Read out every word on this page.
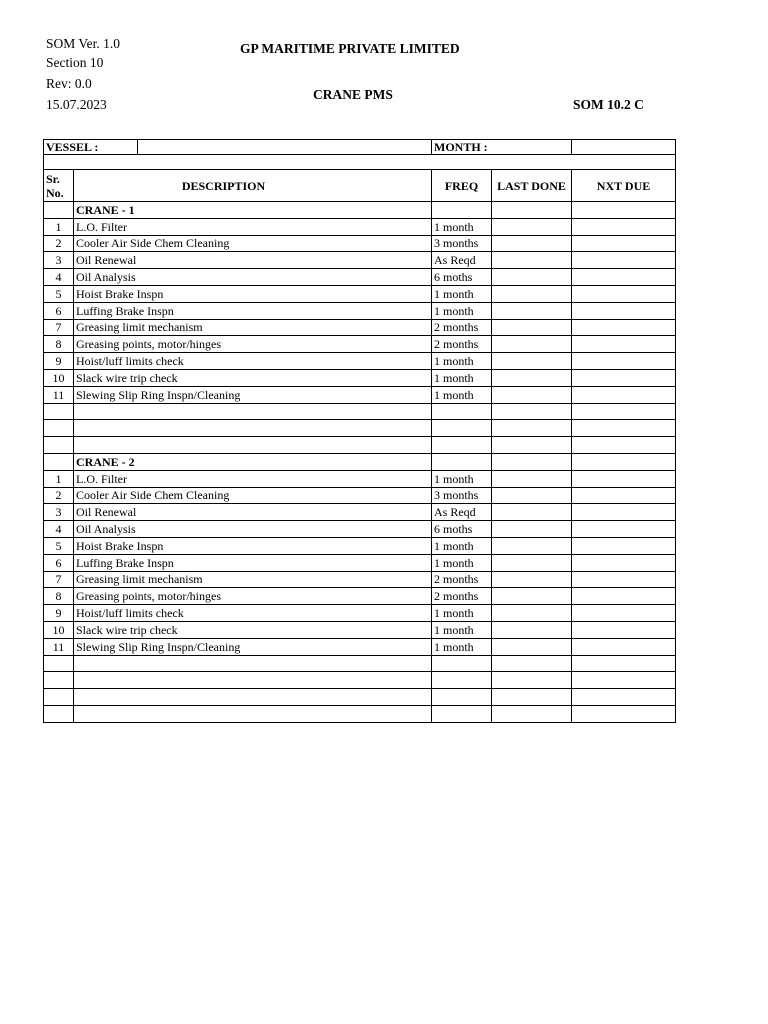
SOM Ver. 1.0
Section 10
Rev: 0.0
15.07.2023
GP MARITIME PRIVATE LIMITED
CRANE PMS
SOM 10.2 C
VESSEL :			MONTH :		

Sr.
No.	DESCRIPTION		FREQ	LAST DONE	NXT DUE
	CRANE - 1				
1	L.O. Filter		1 month		
2	Cooler Air Side Chem Cleaning		3 months		
3	Oil Renewal		As Reqd		
4	Oil Analysis		6 moths		
5	Hoist Brake Inspn		1 month		
6	Luffing Brake Inspn		1 month		
7	Greasing limit mechanism		2 months		
8	Greasing points, motor/hinges		2 months		
9	Hoist/luff limits check		1 month		
10	Slack wire trip check		1 month		
11	Slewing Slip Ring Inspn/Cleaning		1 month		

	CRANE - 2				
1	L.O. Filter		1 month		
2	Cooler Air Side Chem Cleaning		3 months		
3	Oil Renewal		As Reqd		
4	Oil Analysis		6 moths		
5	Hoist Brake Inspn		1 month		
6	Luffing Brake Inspn		1 month		
7	Greasing limit mechanism		2 months		
8	Greasing points, motor/hinges		2 months		
9	Hoist/luff limits check		1 month		
10	Slack wire trip check		1 month		
11	Slewing Slip Ring Inspn/Cleaning		1 month		
